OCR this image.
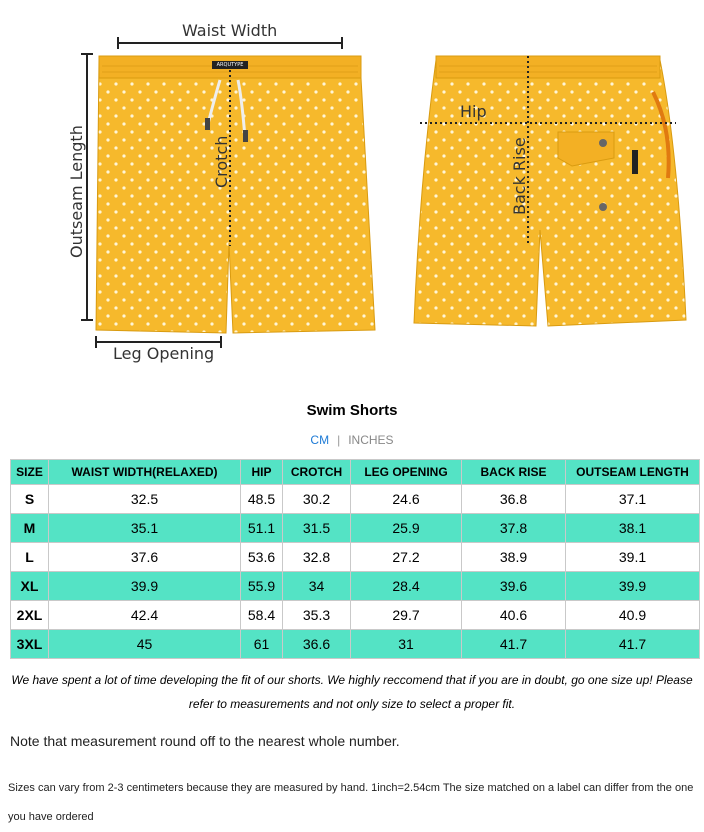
Waist Width
Outseam Length	Crotch
Leg Opening
Hip
Back Rise
ARQUTYPE
Swim Shorts
CM | INCHES
SIZE	WAIST WIDTH(RELAXED)	HIP	CROTCH	LEG OPENING	BACK RISE	OUTSEAM LENGTH
S	32.5	48.5	30.2	24.6	36.8	37.1
M	35.1	51.1	31.5	25.9	37.8	38.1
L	37.6	53.6	32.8	27.2	38.9	39.1
XL	39.9	55.9	34	28.4	39.6	39.9
2XL	42.4	58.4	35.3	29.7	40.6	40.9
3XL	45	61	36.6	31	41.7	41.7
We have spent a lot of time developing the fit of our shorts. We highly reccomend that if you are in doubt, go one size up! Please refer to measurements and not only size to select a proper fit.
Note that measurement round off to the nearest whole number.
Sizes can vary from 2-3 centimeters because they are measured by hand. 1inch=2.54cm The size matched on a label can differ from the one you have ordered
